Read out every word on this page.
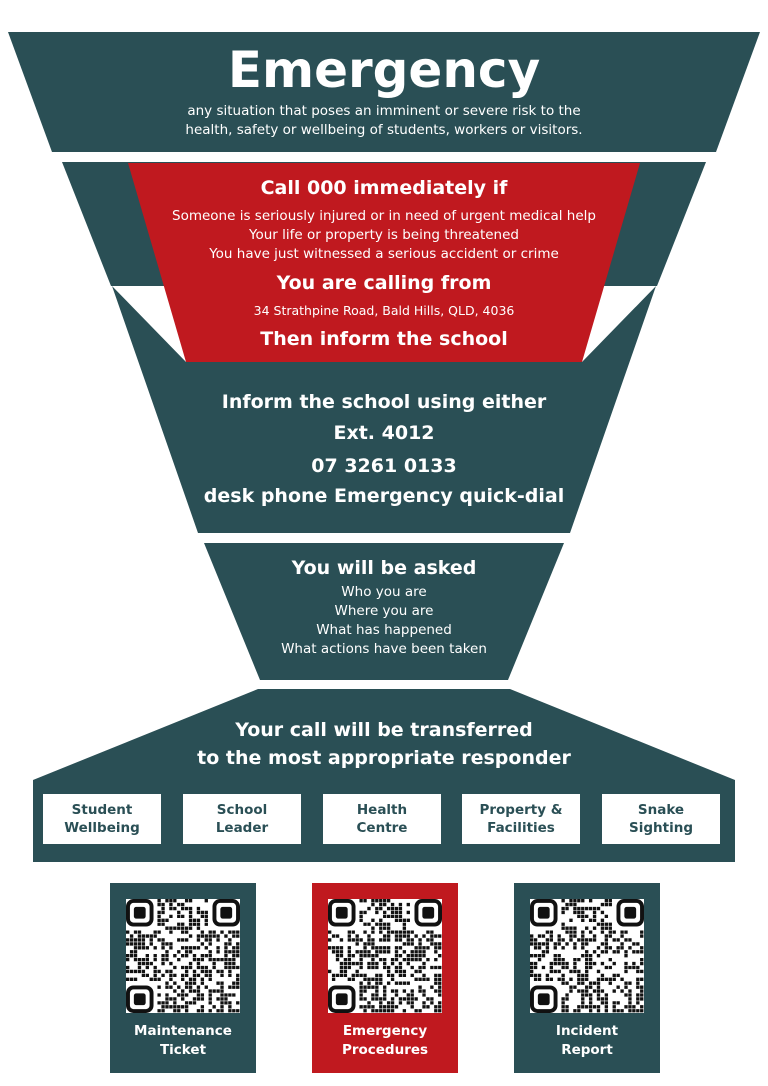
Emergency
any situation that poses an imminent or severe risk to the
health, safety or wellbeing of students, workers or visitors.
Call 000 immediately if
Someone is seriously injured or in need of urgent medical help
Your life or property is being threatened
You have just witnessed a serious accident or crime
You are calling from
34 Strathpine Road, Bald Hills, QLD, 4036
Then inform the school
Inform the school using either
Ext. 4012
07 3261 0133
desk phone Emergency quick-dial
You will be asked
Who you are
Where you are
What has happened
What actions have been taken
Your call will be transferred
to the most appropriate responder
Student
Wellbeing
School
Leader
Health
Centre
Property &
Facilities
Snake
Sighting
Maintenance
Ticket
Emergency
Procedures
Incident
Report
